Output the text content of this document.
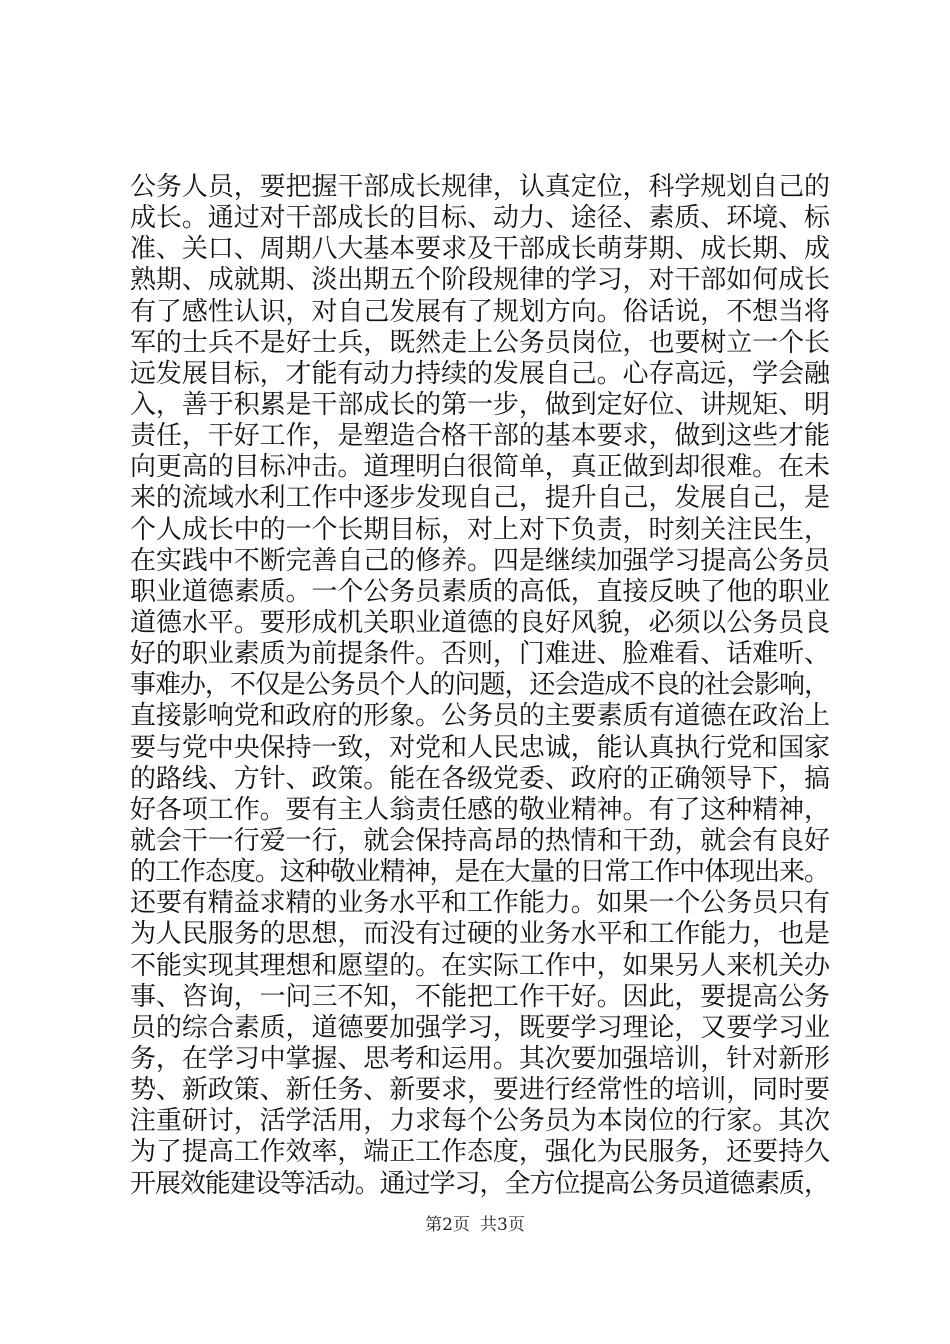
公务人员，要把握干部成长规律，认真定位，科学规划自己的
成长。通过对干部成长的目标、动力、途径、素质、环境、标
准、关口、周期八大基本要求及干部成长萌芽期、成长期、成
熟期、成就期、淡出期五个阶段规律的学习，对干部如何成长
有了感性认识，对自己发展有了规划方向。俗话说，不想当将
军的士兵不是好士兵，既然走上公务员岗位，也要树立一个长
远发展目标，才能有动力持续的发展自己。心存高远，学会融
入，善于积累是干部成长的第一步，做到定好位、讲规矩、明
责任，干好工作，是塑造合格干部的基本要求，做到这些才能
向更高的目标冲击。道理明白很简单，真正做到却很难。在未
来的流域水利工作中逐步发现自己，提升自己，发展自己，是
个人成长中的一个长期目标，对上对下负责，时刻关注民生，
在实践中不断完善自己的修养。四是继续加强学习提高公务员
职业道德素质。一个公务员素质的高低，直接反映了他的职业
道德水平。要形成机关职业道德的良好风貌，必须以公务员良
好的职业素质为前提条件。否则，门难进、脸难看、话难听、
事难办，不仅是公务员个人的问题，还会造成不良的社会影响，
直接影响党和政府的形象。公务员的主要素质有道德在政治上
要与党中央保持一致，对党和人民忠诚，能认真执行党和国家
的路线、方针、政策。能在各级党委、政府的正确领导下，搞
好各项工作。要有主人翁责任感的敬业精神。有了这种精神，
就会干一行爱一行，就会保持高昂的热情和干劲，就会有良好
的工作态度。这种敬业精神，是在大量的日常工作中体现出来。
还要有精益求精的业务水平和工作能力。如果一个公务员只有
为人民服务的思想，而没有过硬的业务水平和工作能力，也是
不能实现其理想和愿望的。在实际工作中，如果另人来机关办
事、咨询，一问三不知，不能把工作干好。因此，要提高公务
员的综合素质，道德要加强学习，既要学习理论，又要学习业
务，在学习中掌握、思考和运用。其次要加强培训，针对新形
势、新政策、新任务、新要求，要进行经常性的培训，同时要
注重研讨，活学活用，力求每个公务员为本岗位的行家。其次
为了提高工作效率，端正工作态度，强化为民服务，还要持久
开展效能建设等活动。通过学习，全方位提高公务员道德素质，
第2页 共3页
